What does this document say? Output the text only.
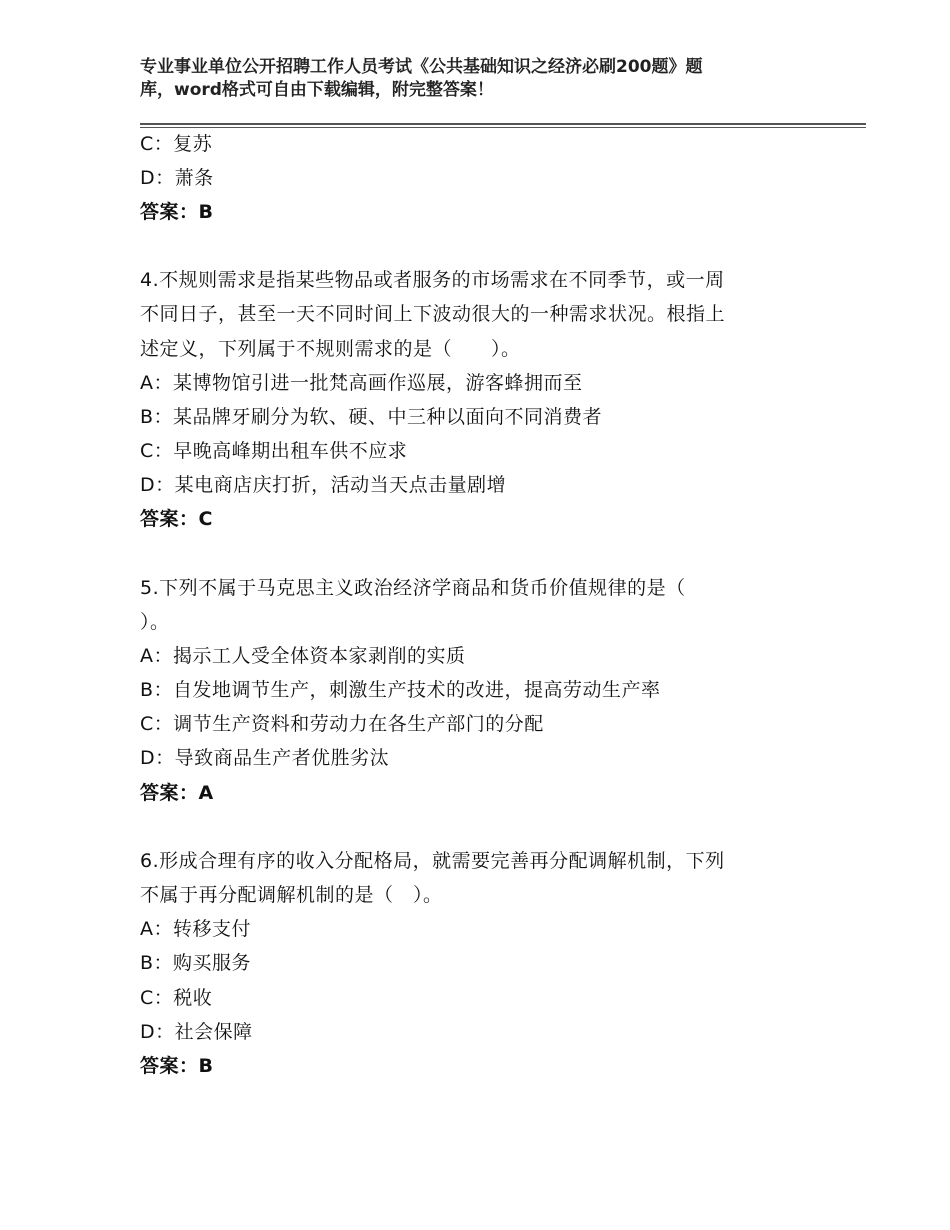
专业事业单位公开招聘工作人员考试《公共基础知识之经济必刷200题》题
库，word格式可自由下载编辑，附完整答案！
C：复苏
D：萧条
答案：B
4.不规则需求是指某些物品或者服务的市场需求在不同季节，或一周
不同日子，甚至一天不同时间上下波动很大的一种需求状况。根指上
述定义，下列属于不规则需求的是（　　）。
A：某博物馆引进一批梵高画作巡展，游客蜂拥而至
B：某品牌牙刷分为软、硬、中三种以面向不同消费者
C：早晚高峰期出租车供不应求
D：某电商店庆打折，活动当天点击量剧增
答案：C
5.下列不属于马克思主义政治经济学商品和货币价值规律的是（
）。
A：揭示工人受全体资本家剥削的实质
B：自发地调节生产，刺激生产技术的改进，提高劳动生产率
C：调节生产资料和劳动力在各生产部门的分配
D：导致商品生产者优胜劣汰
答案：A
6.形成合理有序的收入分配格局，就需要完善再分配调解机制，下列
不属于再分配调解机制的是（　）。
A：转移支付
B：购买服务
C：税收
D：社会保障
答案：B
